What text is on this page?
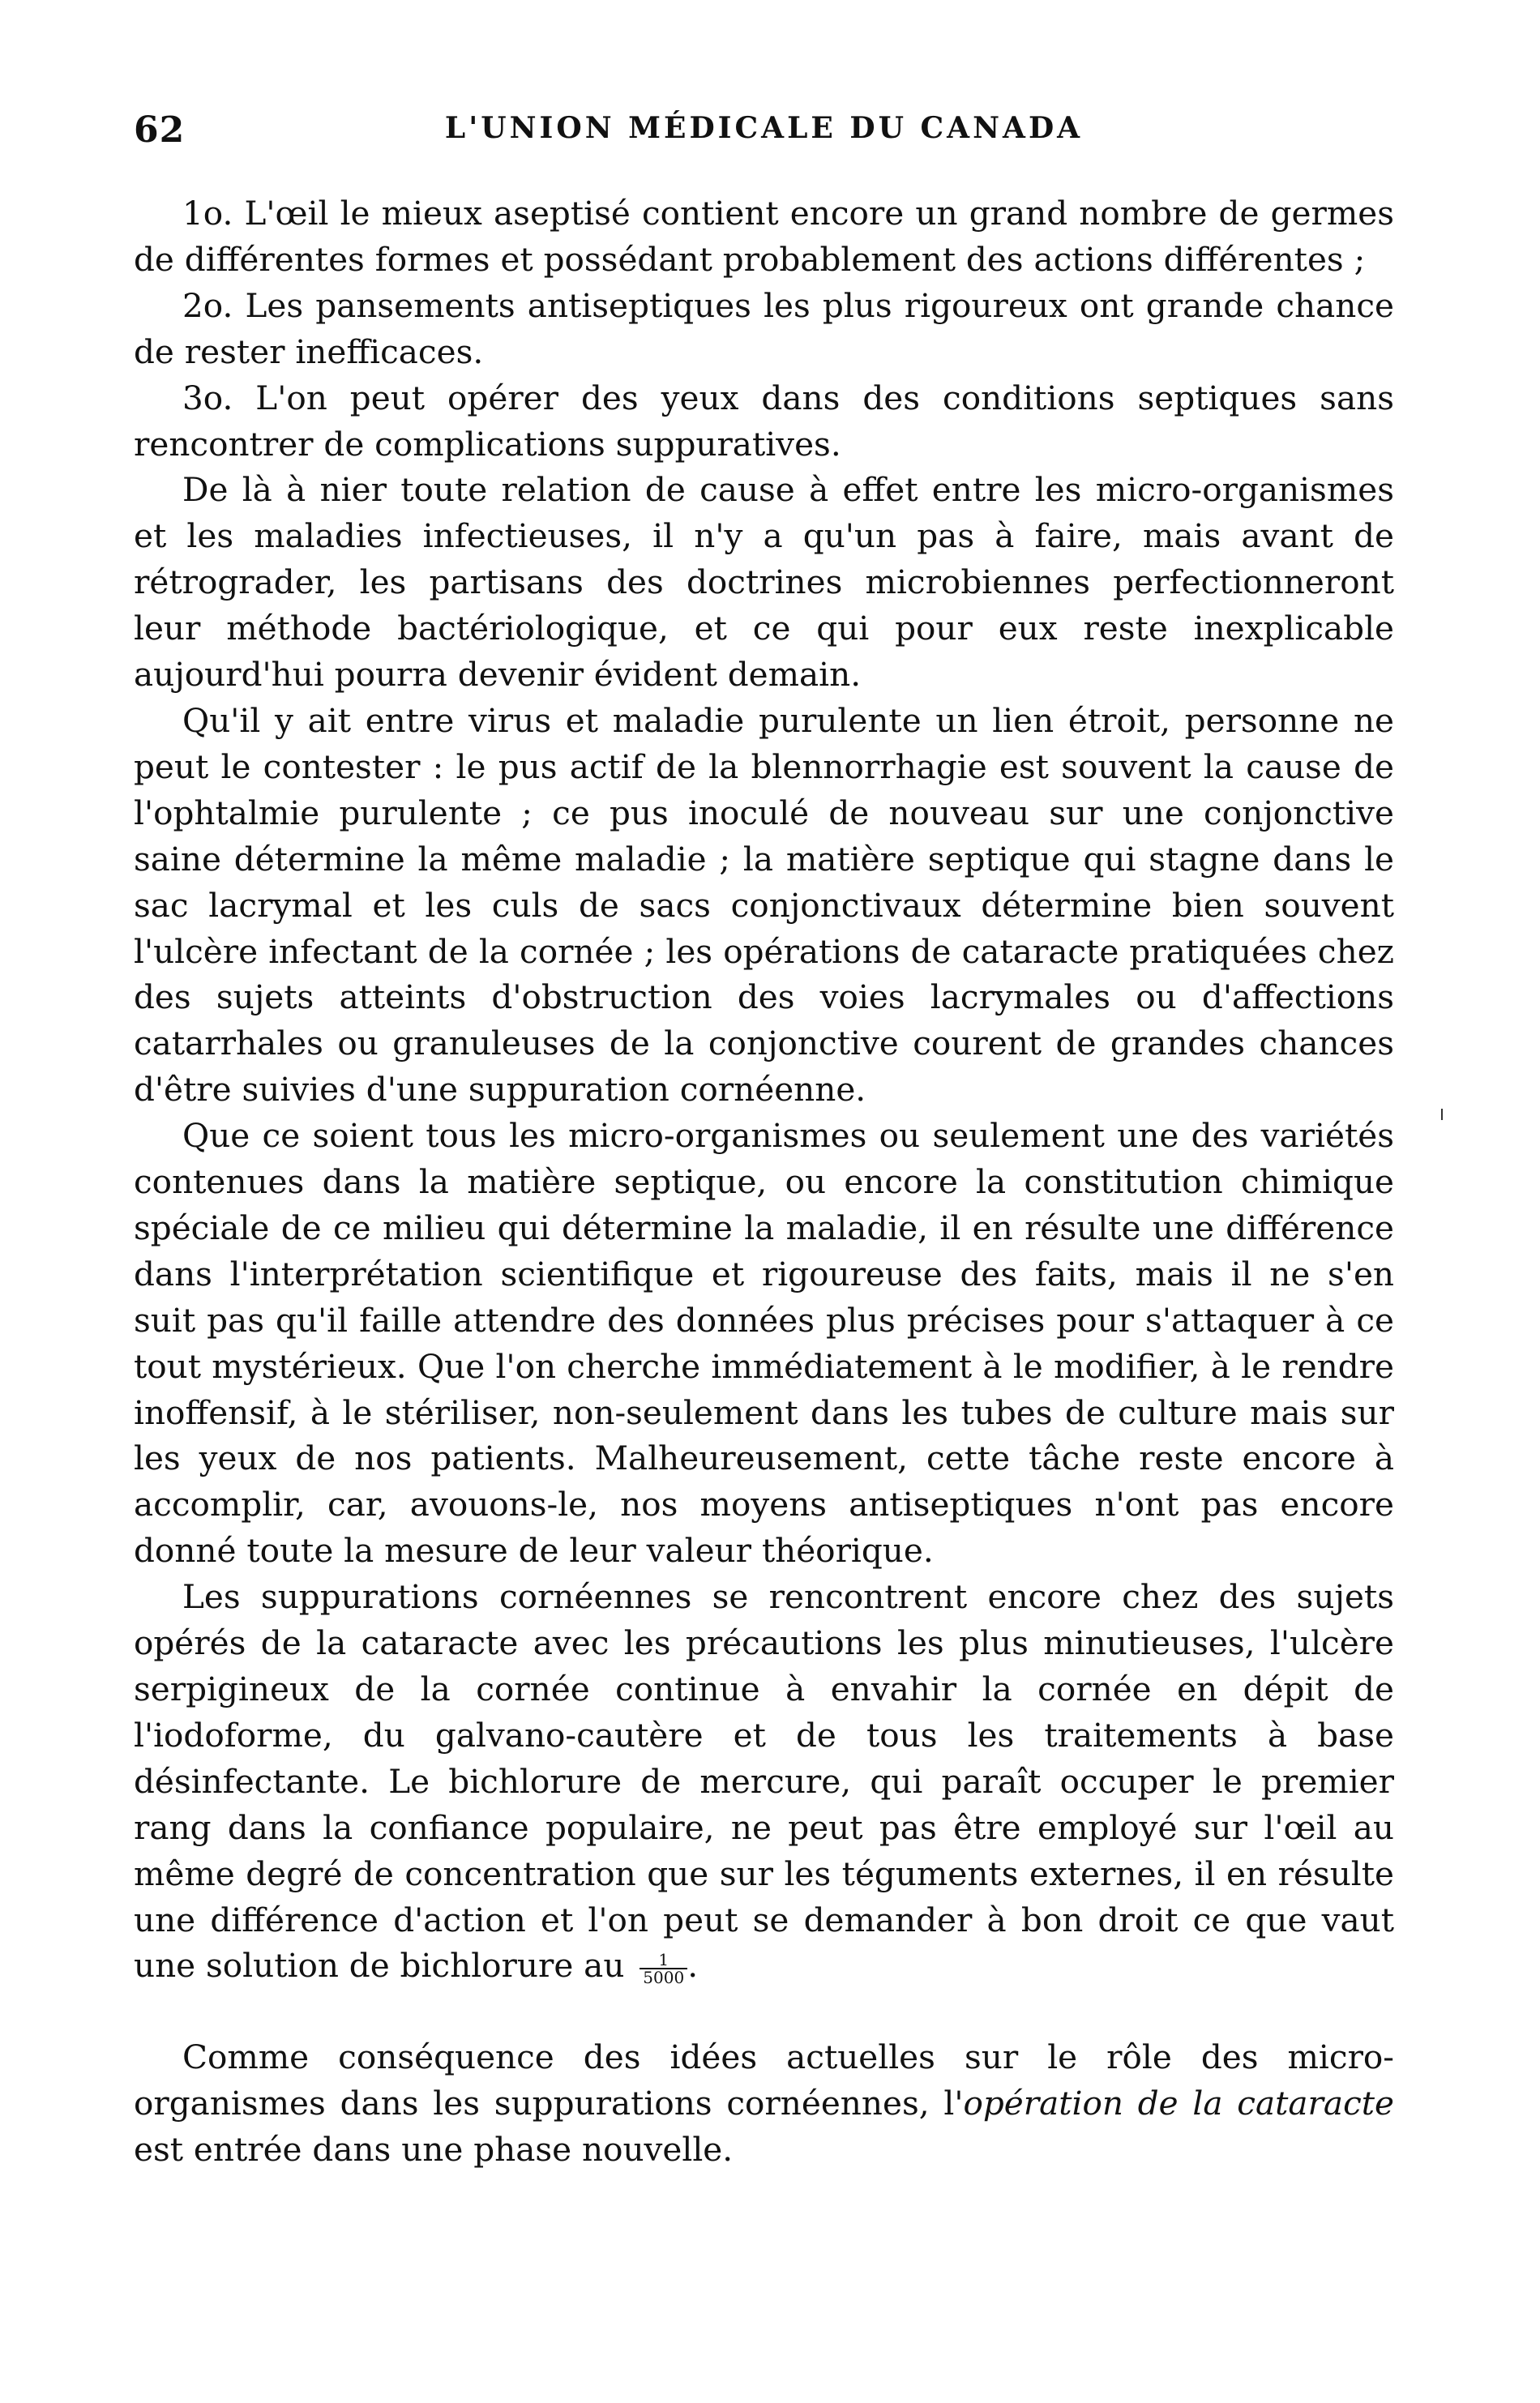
62	L'UNION MÉDICALE DU CANADA

1o. L'œil le mieux aseptisé contient encore un grand nombre de germes de différentes formes et possédant probablement des actions différentes ;

2o. Les pansements antiseptiques les plus rigoureux ont grande chance de rester inefficaces.

3o. L'on peut opérer des yeux dans des conditions septiques sans rencontrer de complications suppuratives.

De là à nier toute relation de cause à effet entre les micro-organismes et les maladies infectieuses, il n'y a qu'un pas à faire, mais avant de rétrograder, les partisans des doctrines microbiennes perfectionneront leur méthode bactériologique, et ce qui pour eux reste inexplicable aujourd'hui pourra devenir évident demain.

Qu'il y ait entre virus et maladie purulente un lien étroit, personne ne peut le contester : le pus actif de la blennorrhagie est souvent la cause de l'ophtalmie purulente ; ce pus inoculé de nouveau sur une conjonctive saine détermine la même maladie ; la matière septique qui stagne dans le sac lacrymal et les culs de sacs conjonctivaux détermine bien souvent l'ulcère infectant de la cornée ; les opérations de cataracte pratiquées chez des sujets atteints d'obstruction des voies lacrymales ou d'affections catarrhales ou granuleuses de la conjonctive courent de grandes chances d'être suivies d'une suppuration cornéenne.

Que ce soient tous les micro-organismes ou seulement une des variétés contenues dans la matière septique, ou encore la constitution chimique spéciale de ce milieu qui détermine la maladie, il en résulte une différence dans l'interprétation scientifique et rigoureuse des faits, mais il ne s'en suit pas qu'il faille attendre des données plus précises pour s'attaquer à ce tout mystérieux. Que l'on cherche immédiatement à le modifier, à le rendre inoffensif, à le stériliser, non-seulement dans les tubes de culture mais sur les yeux de nos patients. Malheureusement, cette tâche reste encore à accomplir, car, avouons-le, nos moyens antiseptiques n'ont pas encore donné toute la mesure de leur valeur théorique.

Les suppurations cornéennes se rencontrent encore chez des sujets opérés de la cataracte avec les précautions les plus minutieuses, l'ulcère serpigineux de la cornée continue à envahir la cornée en dépit de l'iodoforme, du galvano-cautère et de tous les traitements à base désinfectante. Le bichlorure de mercure, qui paraît occuper le premier rang dans la confiance populaire, ne peut pas être employé sur l'œil au même degré de concentration que sur les téguments externes, il en résulte une différence d'action et l'on peut se demander à bon droit ce que vaut une solution de bichlorure au $\frac{1}{5000}$ .

Comme conséquence des idées actuelles sur le rôle des micro-organismes dans les suppurations cornéennes, l'opération de la cataracte est entrée dans une phase nouvelle.
